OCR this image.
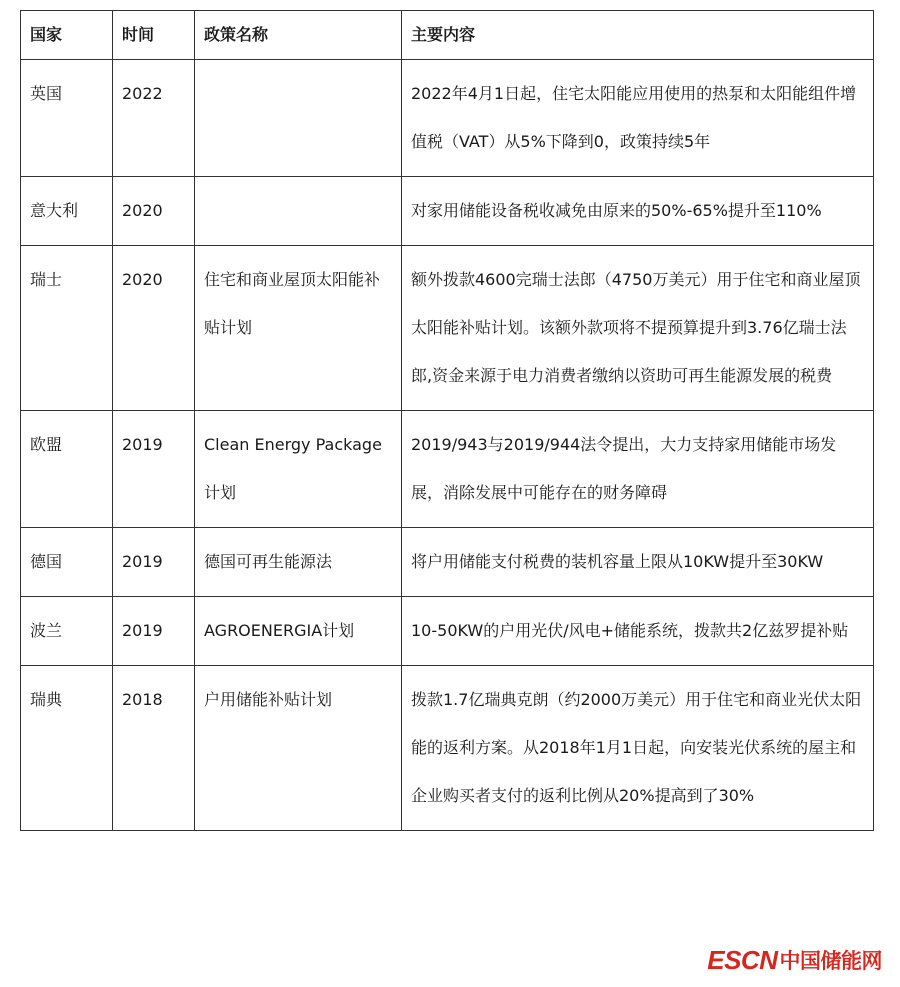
国家	时间	政策名称	主要内容
英国	2022		2022年4月1日起，住宅太阳能应用使用的热泵和太阳能组件增值税（VAT）从5%下降到0，政策持续5年
意大利	2020		对家用储能设备税收减免由原来的50%-65%提升至110%
瑞士	2020	住宅和商业屋顶太阳能补贴计划	额外拨款4600完瑞士法郎（4750万美元）用于住宅和商业屋顶太阳能补贴计划。该额外款项将不提预算提升到3.76亿瑞士法郎,资金来源于电力消费者缴纳以资助可再生能源发展的税费
欧盟	2019	Clean Energy Package计划	2019/943与2019/944法令提出，大力支持家用储能市场发展，消除发展中可能存在的财务障碍
德国	2019	德国可再生能源法	将户用储能支付税费的装机容量上限从10KW提升至30KW
波兰	2019	AGROENERGIA计划	10-50KW的户用光伏/风电+储能系统，拨款共2亿兹罗提补贴
瑞典	2018	户用储能补贴计划	拨款1.7亿瑞典克朗（约2000万美元）用于住宅和商业光伏太阳能的返利方案。从2018年1月1日起，向安装光伏系统的屋主和企业购买者支付的返利比例从20%提高到了30%
ESCN 中国储能网
